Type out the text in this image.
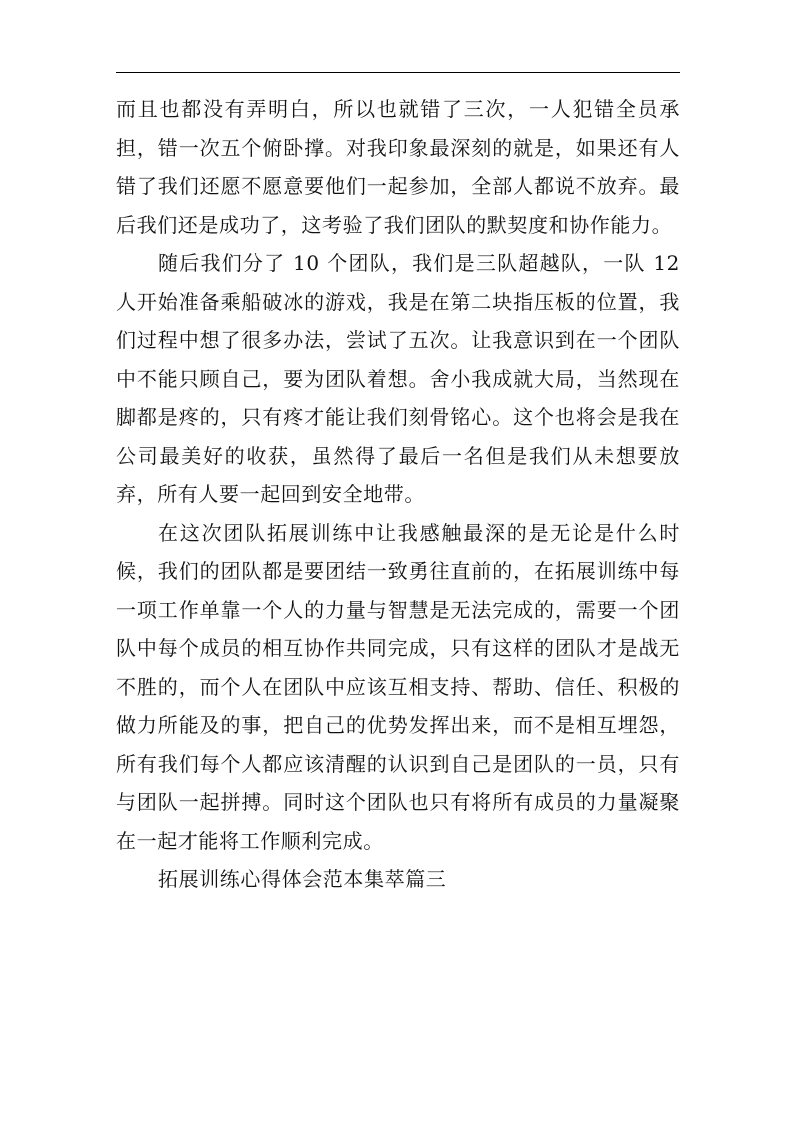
而且也都没有弄明白，所以也就错了三次，一人犯错全员承担，错一次五个俯卧撑。对我印象最深刻的就是，如果还有人错了我们还愿不愿意要他们一起参加，全部人都说不放弃。最后我们还是成功了，这考验了我们团队的默契度和协作能力。

随后我们分了 10 个团队，我们是三队超越队，一队 12 人开始准备乘船破冰的游戏，我是在第二块指压板的位置，我们过程中想了很多办法，尝试了五次。让我意识到在一个团队中不能只顾自己，要为团队着想。舍小我成就大局，当然现在脚都是疼的，只有疼才能让我们刻骨铭心。这个也将会是我在公司最美好的收获，虽然得了最后一名但是我们从未想要放弃，所有人要一起回到安全地带。

在这次团队拓展训练中让我感触最深的是无论是什么时候，我们的团队都是要团结一致勇往直前的，在拓展训练中每一项工作单靠一个人的力量与智慧是无法完成的，需要一个团队中每个成员的相互协作共同完成，只有这样的团队才是战无不胜的，而个人在团队中应该互相支持、帮助、信任、积极的做力所能及的事，把自己的优势发挥出来，而不是相互埋怨，所有我们每个人都应该清醒的认识到自己是团队的一员，只有与团队一起拼搏。同时这个团队也只有将所有成员的力量凝聚在一起才能将工作顺利完成。

拓展训练心得体会范本集萃篇三
